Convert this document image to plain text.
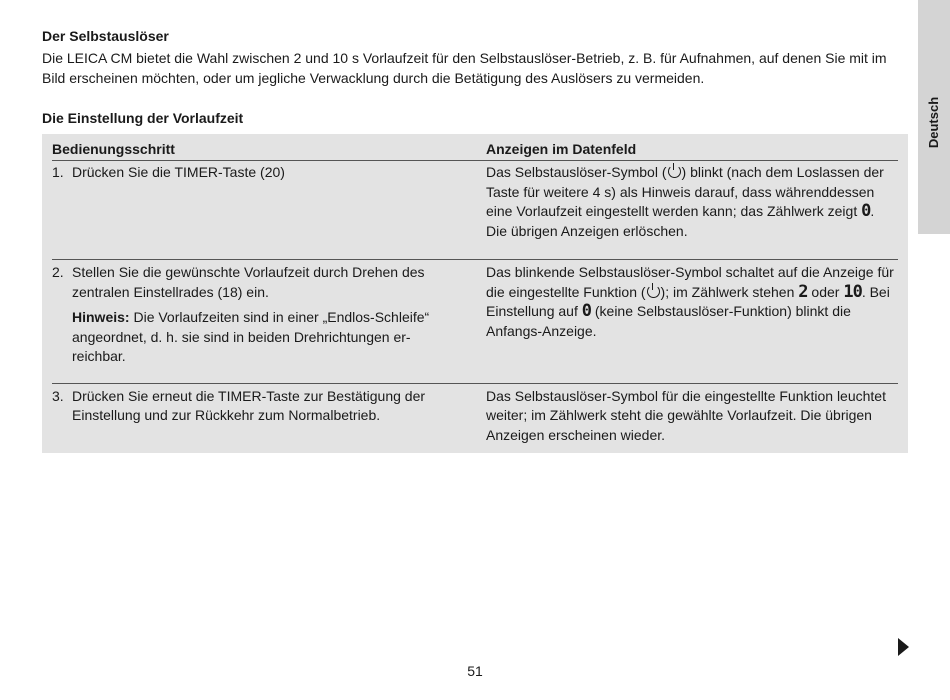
Deutsch

Der Selbstauslöser

Die LEICA CM bietet die Wahl zwischen 2 und 10 s Vorlaufzeit für den Selbstauslöser-Betrieb, z. B. für Aufnahmen, auf denen Sie mit im Bild erscheinen möchten, oder um jegliche Verwacklung durch die Betätigung des Auslösers zu vermeiden.

Die Einstellung der Vorlaufzeit

Bedienungsschritt	Anzeigen im Datenfeld
1. Drücken Sie die TIMER-Taste (20)	Das Selbstauslöser-Symbol ( ) blinkt (nach dem Loslassen der Taste für weitere 4 s) als Hinweis darauf, dass währenddessen eine Vorlaufzeit eingestellt werden kann; das Zählwerk zeigt 0. Die übrigen Anzeigen erlöschen.
2. Stellen Sie die gewünschte Vorlaufzeit durch Drehen des zentralen Einstellrades (18) ein.
Hinweis: Die Vorlaufzeiten sind in einer „Endlos-Schleife“ angeordnet, d. h. sie sind in beiden Drehrichtungen erreichbar.
Das blinkende Selbstauslöser-Symbol schaltet auf die Anzeige für die eingestellte Funktion ( ); im Zählwerk stehen 2 oder 10. Bei Einstellung auf 0 (keine Selbstauslöser-Funktion) blinkt die Anfangs-Anzeige.
3. Drücken Sie erneut die TIMER-Taste zur Bestätigung der Einstellung und zur Rückkehr zum Normalbetrieb.
Das Selbstauslöser-Symbol für die eingestellte Funktion leuchtet weiter; im Zählwerk steht die gewählte Vorlaufzeit. Die übrigen Anzeigen erscheinen wieder.
51
